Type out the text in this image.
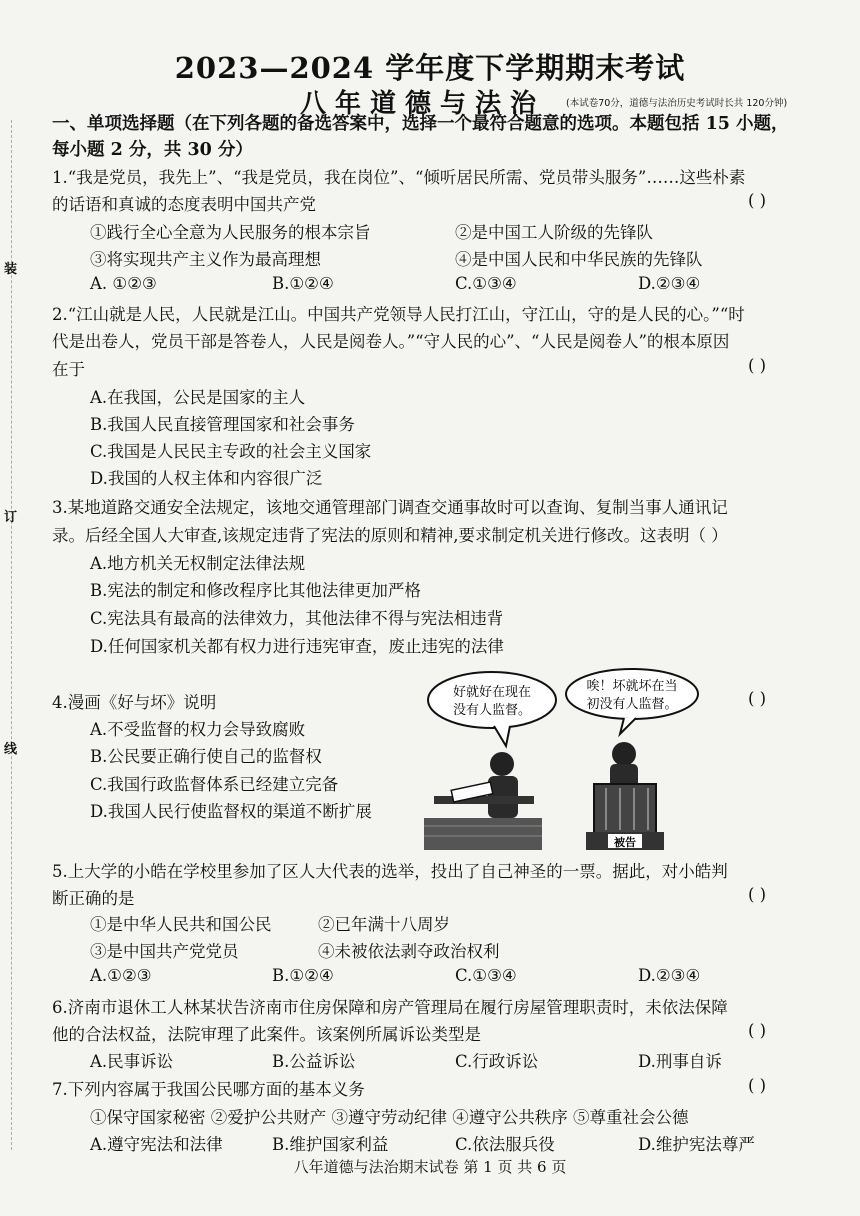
装
订
线
2023—2024 学年度下学期期末考试
八年道德与法治 (本试卷70分，道德与法治历史考试时长共 120分钟)
一、单项选择题（在下列各题的备选答案中，选择一个最符合题意的选项。本题包括 15 小题，
每小题 2 分，共 30 分）
1.“我是党员，我先上”、“我是党员，我在岗位”、“倾听居民所需、党员带头服务”……这些朴素
的话语和真诚的态度表明中国共产党	( )
①践行全心全意为人民服务的根本宗旨	②是中国工人阶级的先锋队
③将实现共产主义作为最高理想	④是中国人民和中华民族的先锋队
A. ①②③	B.①②④	C.①③④	D.②③④
2.“江山就是人民，人民就是江山。中国共产党领导人民打江山，守江山，守的是人民的心。”“时
代是出卷人，党员干部是答卷人，人民是阅卷人。”“守人民的心”、“人民是阅卷人”的根本原因
在于	( )
A.在我国，公民是国家的主人
B.我国人民直接管理国家和社会事务
C.我国是人民民主专政的社会主义国家
D.我国的人权主体和内容很广泛
3.某地道路交通安全法规定，该地交通管理部门调查交通事故时可以查询、复制当事人通讯记
录。后经全国人大审查,该规定违背了宪法的原则和精神,要求制定机关进行修改。这表明（ ）
A.地方机关无权制定法律法规
B.宪法的制定和修改程序比其他法律更加严格
C.宪法具有最高的法律效力，其他法律不得与宪法相违背
D.任何国家机关都有权力进行违宪审查，废止违宪的法律
4.漫画《好与坏》说明	( )
A.不受监督的权力会导致腐败
B.公民要正确行使自己的监督权
C.我国行政监督体系已经建立完备
D.我国人民行使监督权的渠道不断扩展
好就好在现在
没有人监督。
唉！坏就坏在当
初没有人监督。
被告
5.上大学的小皓在学校里参加了区人大代表的选举，投出了自己神圣的一票。据此，对小皓判
断正确的是	( )
①是中华人民共和国公民	②已年满十八周岁
③是中国共产党党员	④未被依法剥夺政治权利
A.①②③	B.①②④	C.①③④	D.②③④
6.济南市退休工人林某状告济南市住房保障和房产管理局在履行房屋管理职责时，未依法保障
他的合法权益，法院审理了此案件。该案例所属诉讼类型是	( )
A.民事诉讼	B.公益诉讼	C.行政诉讼	D.刑事自诉
7.下列内容属于我国公民哪方面的基本义务	( )
①保守国家秘密 ②爱护公共财产 ③遵守劳动纪律 ④遵守公共秩序 ⑤尊重社会公德
A.遵守宪法和法律	B.维护国家利益	C.依法服兵役	D.维护宪法尊严
八年道德与法治期末试卷 第 1 页 共 6 页
